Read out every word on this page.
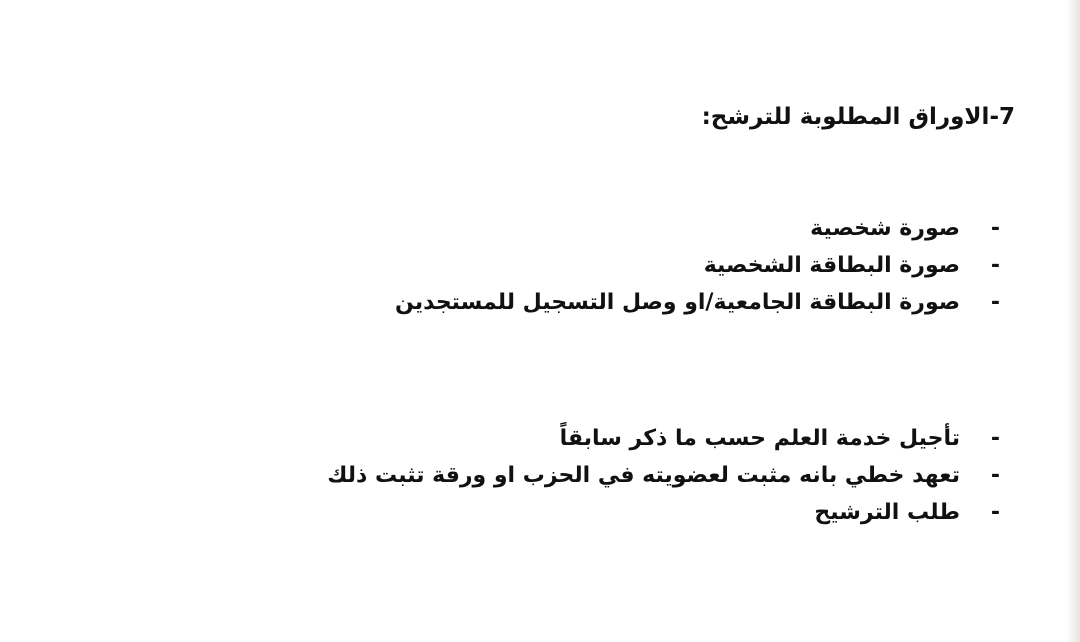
7-الاوراق المطلوبة للترشح:
- صورة شخصية
- صورة البطاقة الشخصية
- صورة البطاقة الجامعية/او وصل التسجيل للمستجدين
- تأجيل خدمة العلم حسب ما ذكر سابقاً
- تعهد خطي بانه مثبت لعضويته في الحزب او ورقة تثبت ذلك
- طلب الترشيح
